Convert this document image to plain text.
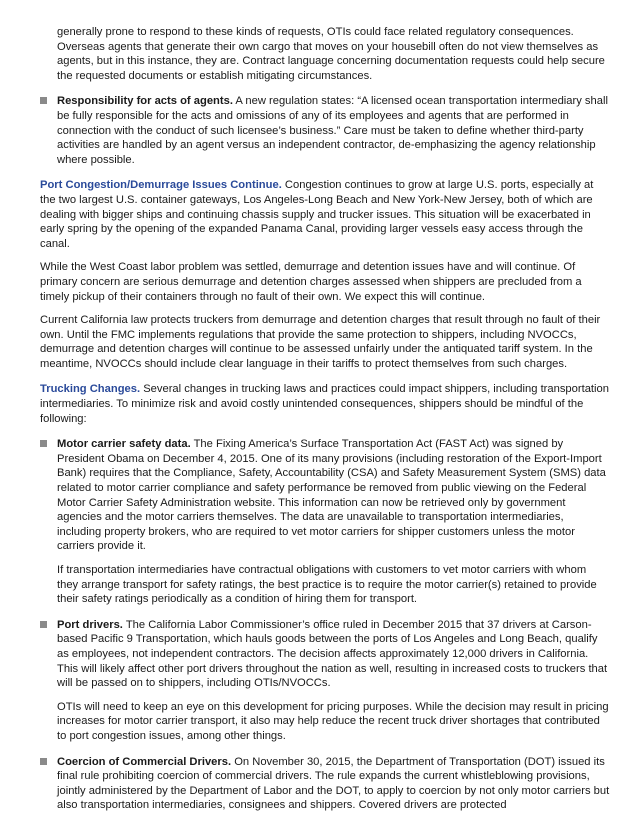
generally prone to respond to these kinds of requests, OTIs could face related regulatory consequences. Overseas agents that generate their own cargo that moves on your housebill often do not view themselves as agents, but in this instance, they are. Contract language concerning documentation requests could help secure the requested documents or establish mitigating circumstances.

Responsibility for acts of agents. A new regulation states: “A licensed ocean transportation intermediary shall be fully responsible for the acts and omissions of any of its employees and agents that are performed in connection with the conduct of such licensee’s business.” Care must be taken to define whether third-party activities are handled by an agent versus an independent contractor, de-emphasizing the agency relationship where possible.

Port Congestion/Demurrage Issues Continue. Congestion continues to grow at large U.S. ports, especially at the two largest U.S. container gateways, Los Angeles-Long Beach and New York-New Jersey, both of which are dealing with bigger ships and continuing chassis supply and trucker issues. This situation will be exacerbated in early spring by the opening of the expanded Panama Canal, providing larger vessels easy access through the canal.

While the West Coast labor problem was settled, demurrage and detention issues have and will continue. Of primary concern are serious demurrage and detention charges assessed when shippers are precluded from a timely pickup of their containers through no fault of their own. We expect this will continue.

Current California law protects truckers from demurrage and detention charges that result through no fault of their own. Until the FMC implements regulations that provide the same protection to shippers, including NVOCCs, demurrage and detention charges will continue to be assessed unfairly under the antiquated tariff system. In the meantime, NVOCCs should include clear language in their tariffs to protect themselves from such charges.

Trucking Changes. Several changes in trucking laws and practices could impact shippers, including transportation intermediaries. To minimize risk and avoid costly unintended consequences, shippers should be mindful of the following:

Motor carrier safety data. The Fixing America’s Surface Transportation Act (FAST Act) was signed by President Obama on December 4, 2015. One of its many provisions (including restoration of the Export-Import Bank) requires that the Compliance, Safety, Accountability (CSA) and Safety Measurement System (SMS) data related to motor carrier compliance and safety performance be removed from public viewing on the Federal Motor Carrier Safety Administration website. This information can now be retrieved only by government agencies and the motor carriers themselves. The data are unavailable to transportation intermediaries, including property brokers, who are required to vet motor carriers for shipper customers unless the motor carriers provide it.

If transportation intermediaries have contractual obligations with customers to vet motor carriers with whom they arrange transport for safety ratings, the best practice is to require the motor carrier(s) retained to provide their safety ratings periodically as a condition of hiring them for transport.

Port drivers. The California Labor Commissioner’s office ruled in December 2015 that 37 drivers at Carson-based Pacific 9 Transportation, which hauls goods between the ports of Los Angeles and Long Beach, qualify as employees, not independent contractors. The decision affects approximately 12,000 drivers in California. This will likely affect other port drivers throughout the nation as well, resulting in increased costs to truckers that will be passed on to shippers, including OTIs/NVOCCs.

OTIs will need to keep an eye on this development for pricing purposes. While the decision may result in pricing increases for motor carrier transport, it also may help reduce the recent truck driver shortages that contributed to port congestion issues, among other things.

Coercion of Commercial Drivers. On November 30, 2015, the Department of Transportation (DOT) issued its final rule prohibiting coercion of commercial drivers. The rule expands the current whistleblowing provisions, jointly administered by the Department of Labor and the DOT, to apply to coercion by not only motor carriers but also transportation intermediaries, consignees and shippers. Covered drivers are protected
